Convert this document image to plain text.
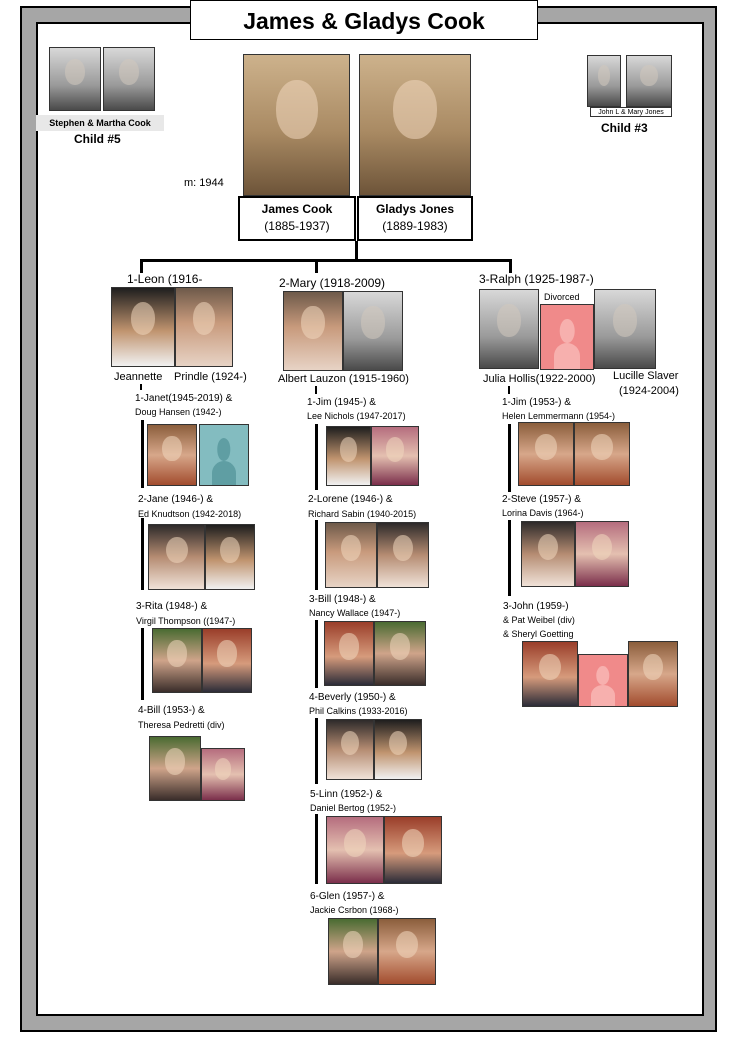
James & Gladys Cook
Stephen & Martha Cook
Child #5
John L & Mary Jones
Child #3
m: 1944
James Cook
(1885-1937)
Gladys Jones
(1889-1983)
1-Leon (1916-
Jeannette Prindle (1924-)
1-Janet(1945-2019) &
Doug Hansen (1942-)
2-Jane (1946-) &
Ed Knudtson (1942-2018)
3-Rita (1948-) &
Virgil Thompson ((1947-)
4-Bill (1953-) &
Theresa Pedretti (div)
2-Mary (1918-2009)
Albert Lauzon (1915-1960)
1-Jim (1945-) &
Lee Nichols (1947-2017)
2-Lorene (1946-) &
Richard Sabin (1940-2015)
3-Bill (1948-) &
Nancy Wallace (1947-)
4-Beverly (1950-) &
Phil Calkins (1933-2016)
5-Linn (1952-) &
Daniel Bertog (1952-)
6-Glen (1957-) &
Jackie Csrbon (1968-)
3-Ralph (1925-1987-)
Divorced
Julia Hollis(1922-2000) Lucille Slaver
(1924-2004)
1-Jim (1953-) &
Helen Lemmermann (1954-)
2-Steve (1957-) &
Lorina Davis (1964-)
3-John (1959-)
& Pat Weibel (div)
& Sheryl Goetting
